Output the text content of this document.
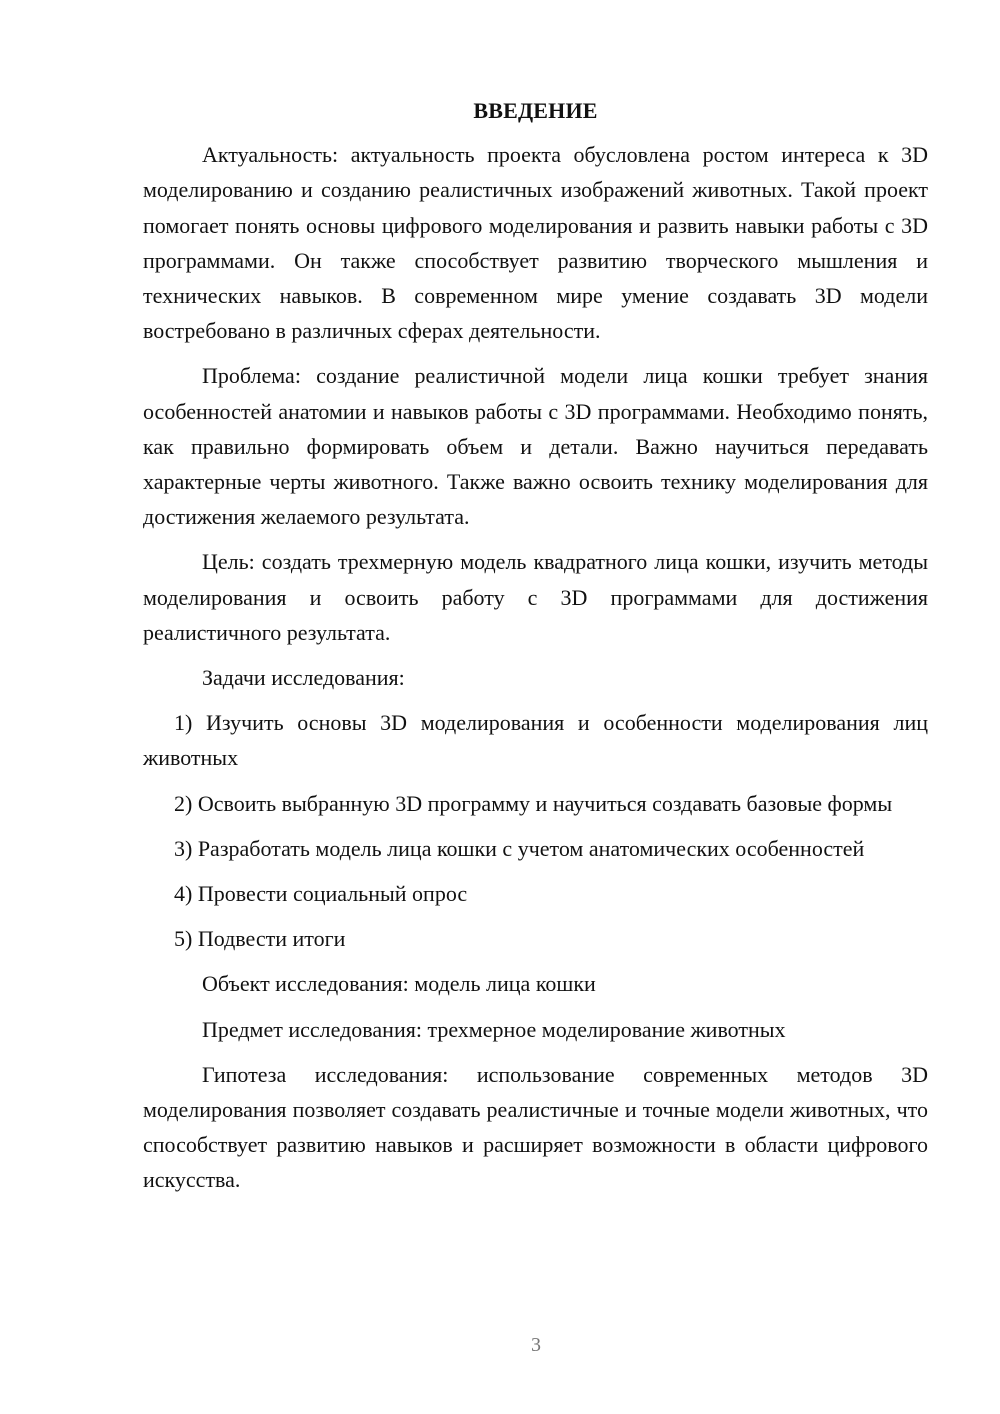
ВВЕДЕНИЕ

Актуальность: актуальность проекта обусловлена ростом интереса к 3D моделированию и созданию реалистичных изображений животных. Такой проект помогает понять основы цифрового моделирования и развить навыки работы с 3D программами. Он также способствует развитию творческого мышления и технических навыков. В современном мире умение создавать 3D модели востребовано в различных сферах деятельности.

Проблема: создание реалистичной модели лица кошки требует знания особенностей анатомии и навыков работы с 3D программами. Необходимо понять, как правильно формировать объем и детали. Важно научиться передавать характерные черты животного. Также важно освоить технику моделирования для достижения желаемого результата.

Цель: создать трехмерную модель квадратного лица кошки, изучить методы моделирования и освоить работу с 3D программами для достижения реалистичного результата.

Задачи исследования:

1) Изучить основы 3D моделирования и особенности моделирования лиц животных

2) Освоить выбранную 3D программу и научиться создавать базовые формы

3) Разработать модель лица кошки с учетом анатомических особенностей

4) Провести социальный опрос

5) Подвести итоги

Объект исследования: модель лица кошки

Предмет исследования: трехмерное моделирование животных

Гипотеза исследования: использование современных методов 3D моделирования позволяет создавать реалистичные и точные модели животных, что способствует развитию навыков и расширяет возможности в области цифрового искусства.

3
